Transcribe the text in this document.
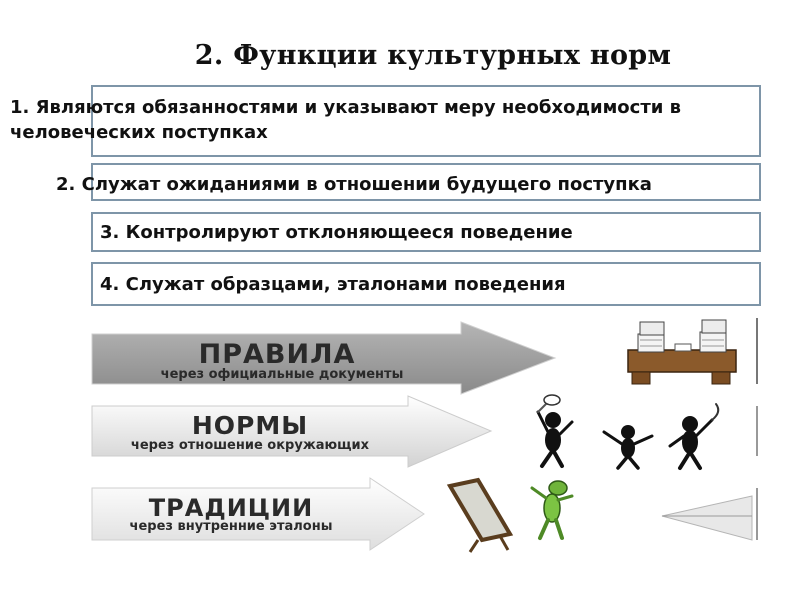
2. Функции культурных норм
1. Являются обязанностями и указывают меру необходимости в человеческих поступках
2. Служат ожиданиями в отношении будущего поступка
3. Контролируют отклоняющееся поведение
4. Служат образцами, эталонами поведения
ПРАВИЛА
через официальные документы
НОРМЫ
через отношение окружающих
ТРАДИЦИИ
через внутренние эталоны
